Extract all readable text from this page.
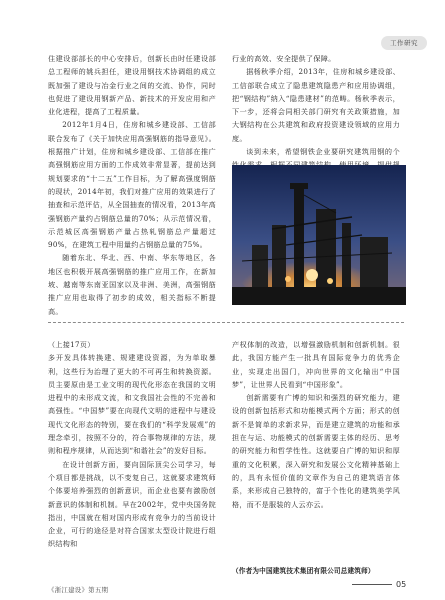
工作研究

住建设部部长的中心安排后，创新长由时任建设部总工程师的姚兵担任，建设用钢技术协调组的成立既加强了建设与冶金行业之间的交流、协作，同时也促进了建设用钢新产品、新技术的开发应用和产业化进程，提高了工程质量。

2012年1月4日，住房和城乡建设部、工信部联合发布了《关于加快应用高强钢筋的指导意见》。根据推广计划，住房和城乡建设部、工信部在推广高强钢筋应用方面的工作成效非常显著，提前达到规划要求的“十二五”工作目标，为了解高强度钢筋的现状，2014年初，我们对推广应用的效果进行了抽查和示范评估，从全国抽查的情况看，2013年高强钢筋产量约占钢筋总量的70%；从示范情况看，示范城区高强钢筋产量占热轧钢筋总产量超过90%，在建筑工程中用量约占钢筋总量的75%。

随着东北、华北、西、中南、华东等地区，各地区也积极开展高强钢筋的推广应用工作，在新加坡、越南等东南亚国家以及非洲、美洲，高强钢筋推广应用也取得了初步的成效，相关指标不断提高。

行业的高效、安全提供了保障。

据杨秋季介绍，2013年，住房和城乡建设部、工信部联合成立了隐患建筑隐患产和应用协调组，把“钢结构”纳入“隐患建材”的范畴。杨秋季表示，下一步，还将会同相关部门研究有关政策措施，加大钢结构在公共建筑和政府投资建设领域的应用力度。

谈到未来，希望钢铁企业要研究建筑用钢的个

（上接17页）

多开发具体转换建、规建建设资源，为为单取暴利，这些行为治理了更大的不可再生和转换资源。员主要原由是工业文明的现代化形态在我国的文明进程中的未形成文流，和文我国社会性的不完善和高强性。“中国梦”要在向现代文明的进程中与建设现代文化形态的特别，要在我们的“科学发展观”的理念牵引，按照不分的，符合事物规律的方法，规则和程序规律，从而达到“和谐社会”的发好目标。

在设计创新方面，要向国际顶尖公司学习，每个项目都是挑战，以不变复自己，这就要求建筑师个体要培养强烈的创新意识，而企业也要有激励创新意识的体制和机制。早在2002年，党中央国务院指出，中国就在相对国内形成有竞争力的当前设计企业，可行的途径是对符合国家太型设计院进行组织结构和

产权体制的改造，以增强激励机制和创新机制。很此，我国方能产生一批具有国际竞争力的优秀企业，实现走出国门，冲向世界的文化输出“中国梦”，让世界人民看到“中国形象”。

创新需要有广博的知识和强烈的研究能力，建设的创新包括形式和功能模式两个方面；形式的创新不是简单的求新求异，而是建立建筑的功能和承担在与运、功能模式的创新需要主体的经历、思考的研究能力和哲学性性。这就要自广博的知识和厚重的文化积累，深入研究和发展公文化精神基础上的，具有永恒价值的文章作为自己的建筑语言体系，来形成自己独特的，富于个性化的建筑美学风格，而不是服装的人云亦云。

（作者为中国建筑技术集团有限公司总建筑师）
《浙江建设》第五期
05
